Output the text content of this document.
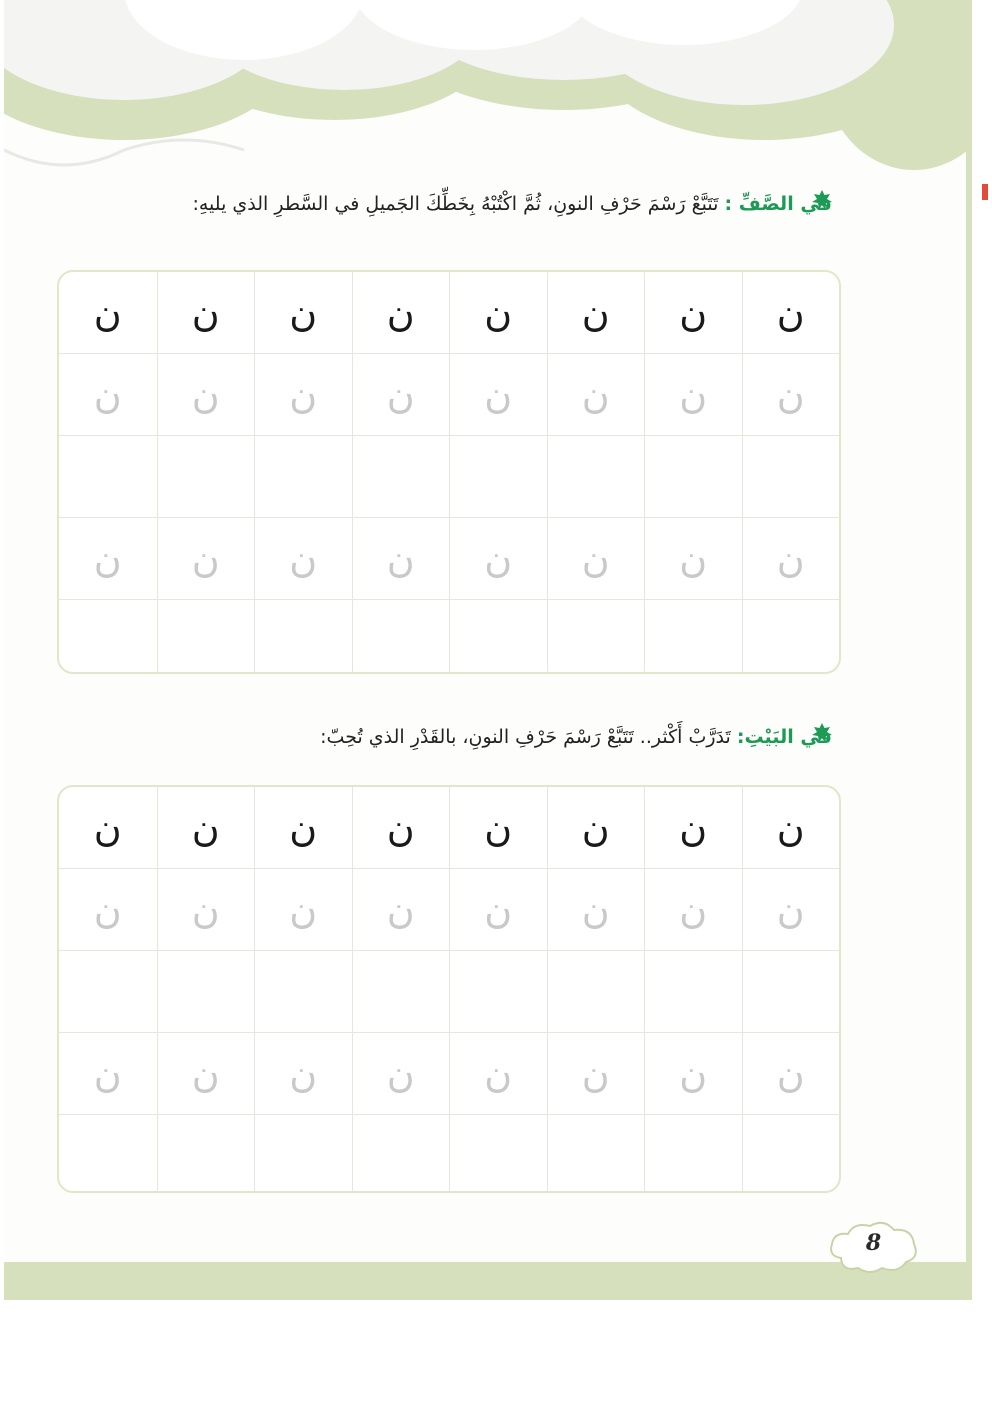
في الصَّفِّ : تَتَبَّعْ رَسْمَ حَرْفِ النونِ، ثُمَّ اكْتُبْهُ بِخَطِّكَ الجَميلِ في السَّطرِ الذي يليهِ:
ن	ن	ن	ن	ن	ن	ن	ن
ن	ن	ن	ن	ن	ن	ن	ن
ن	ن	ن	ن	ن	ن	ن	ن
في البَيْتِ: تَدَرَّبْ أَكْثر.. تَتَبَّعْ رَسْمَ حَرْفِ النونِ، بالقَدْرِ الذي تُحِبّ:
ن	ن	ن	ن	ن	ن	ن	ن
ن	ن	ن	ن	ن	ن	ن	ن
ن	ن	ن	ن	ن	ن	ن	ن
8
